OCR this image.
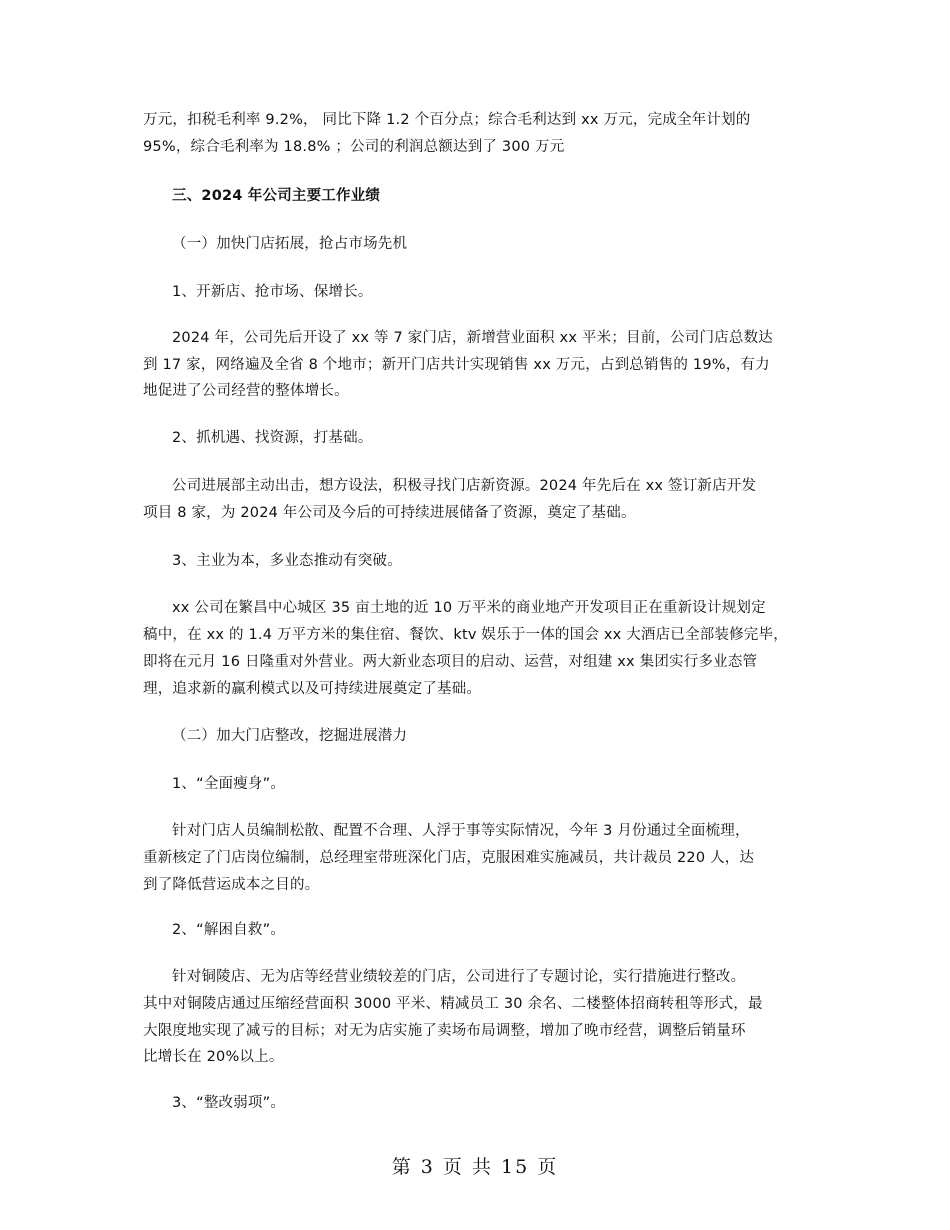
万元，扣税毛利率 9.2%， 同比下降 1.2 个百分点；综合毛利达到 xx 万元，完成全年计划的
95%，综合毛利率为 18.8% ；公司的利润总额达到了 300 万元
三、2024 年公司主要工作业绩
（一）加快门店拓展，抢占市场先机
1、开新店、抢市场、保增长。
2024 年，公司先后开设了 xx 等 7 家门店，新增营业面积 xx 平米；目前，公司门店总数达
到 17 家，网络遍及全省 8 个地市；新开门店共计实现销售 xx 万元，占到总销售的 19%，有力
地促进了公司经营的整体增长。
2、抓机遇、找资源，打基础。
公司进展部主动出击，想方设法，积极寻找门店新资源。2024 年先后在 xx 签订新店开发
项目 8 家，为 2024 年公司及今后的可持续进展储备了资源，奠定了基础。
3、主业为本，多业态推动有突破。
xx 公司在繁昌中心城区 35 亩土地的近 10 万平米的商业地产开发项目正在重新设计规划定
稿中，在 xx 的 1.4 万平方米的集住宿、餐饮、ktv 娱乐于一体的国会 xx 大酒店已全部装修完毕，
即将在元月 16 日隆重对外营业。两大新业态项目的启动、运营，对组建 xx 集团实行多业态管
理，追求新的赢利模式以及可持续进展奠定了基础。
（二）加大门店整改，挖掘进展潜力
1、“全面瘦身”。
针对门店人员编制松散、配置不合理、人浮于事等实际情况，今年 3 月份通过全面梳理，
重新核定了门店岗位编制，总经理室带班深化门店，克服困难实施减员，共计裁员 220 人，达
到了降低营运成本之目的。
2、“解困自救”。
针对铜陵店、无为店等经营业绩较差的门店，公司进行了专题讨论，实行措施进行整改。
其中对铜陵店通过压缩经营面积 3000 平米、精减员工 30 余名、二楼整体招商转租等形式，最
大限度地实现了减亏的目标；对无为店实施了卖场布局调整，增加了晚市经营，调整后销量环
比增长在 20%以上。
3、“整改弱项”。
第 3 页 共 15 页
